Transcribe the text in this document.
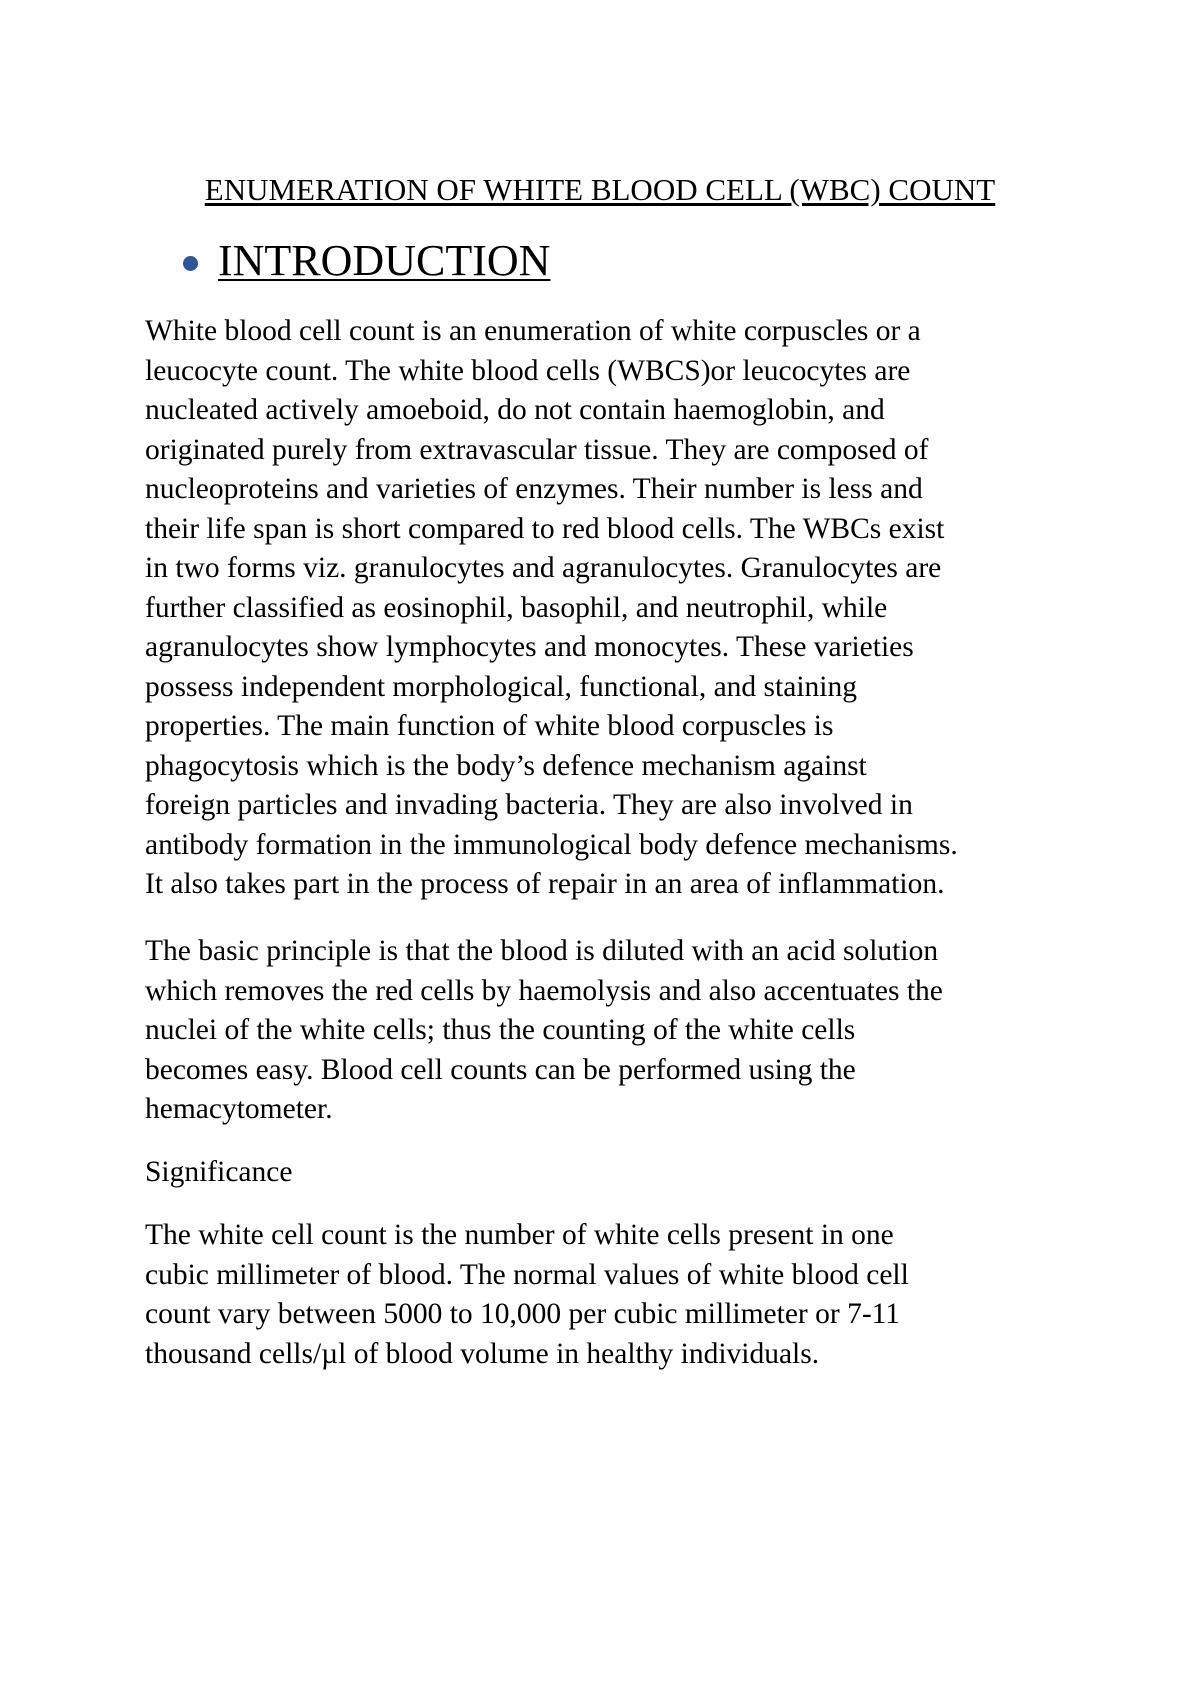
ENUMERATION OF WHITE BLOOD CELL (WBC) COUNT
INTRODUCTION

White blood cell count is an enumeration of white corpuscles or a
leucocyte count. The white blood cells (WBCS)or leucocytes are
nucleated actively amoeboid, do not contain haemoglobin, and
originated purely from extravascular tissue. They are composed of
nucleoproteins and varieties of enzymes. Their number is less and
their life span is short compared to red blood cells. The WBCs exist
in two forms viz. granulocytes and agranulocytes. Granulocytes are
further classified as eosinophil, basophil, and neutrophil, while
agranulocytes show lymphocytes and monocytes. These varieties
possess independent morphological, functional, and staining
properties. The main function of white blood corpuscles is
phagocytosis which is the body’s defence mechanism against
foreign particles and invading bacteria. They are also involved in
antibody formation in the immunological body defence mechanisms.
It also takes part in the process of repair in an area of inflammation.

The basic principle is that the blood is diluted with an acid solution
which removes the red cells by haemolysis and also accentuates the
nuclei of the white cells; thus the counting of the white cells
becomes easy. Blood cell counts can be performed using the
hemacytometer.

Significance

The white cell count is the number of white cells present in one
cubic millimeter of blood. The normal values of white blood cell
count vary between 5000 to 10,000 per cubic millimeter or 7-11
thousand cells/µl of blood volume in healthy individuals.
